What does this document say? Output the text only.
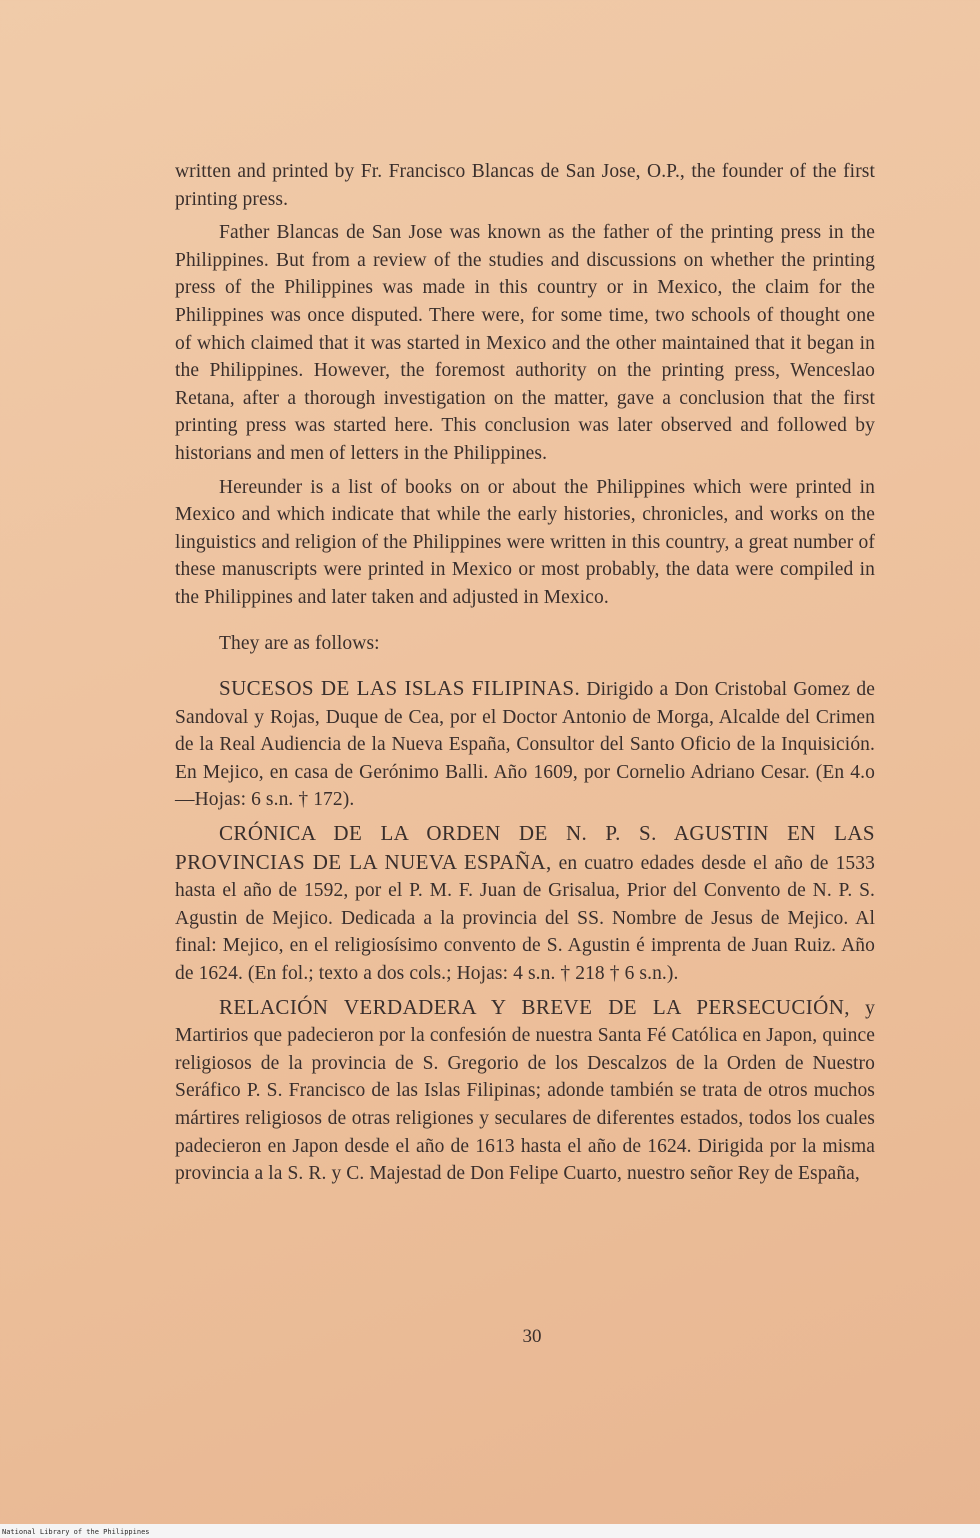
written and printed by Fr. Francisco Blancas de San Jose, O.P., the founder of the first printing press.

Father Blancas de San Jose was known as the father of the printing press in the Philippines. But from a review of the studies and discussions on whether the printing press of the Philippines was made in this country or in Mexico, the claim for the Philippines was once disputed. There were, for some time, two schools of thought one of which claimed that it was started in Mexico and the other maintained that it began in the Philippines. However, the foremost authority on the printing press, Wenceslao Retana, after a thorough investigation on the matter, gave a conclusion that the first printing press was started here. This conclusion was later observed and followed by historians and men of letters in the Philippines.

Hereunder is a list of books on or about the Philippines which were printed in Mexico and which indicate that while the early histories, chronicles, and works on the linguistics and religion of the Philippines were written in this country, a great number of these manuscripts were printed in Mexico or most probably, the data were compiled in the Philippines and later taken and adjusted in Mexico.

They are as follows:

SUCESOS DE LAS ISLAS FILIPINAS. Dirigido a Don Cristobal Gomez de Sandoval y Rojas, Duque de Cea, por el Doctor Antonio de Morga, Alcalde del Crimen de la Real Audiencia de la Nueva España, Consultor del Santo Oficio de la Inquisición. En Mejico, en casa de Gerónimo Balli. Año 1609, por Cornelio Adriano Cesar. (En 4.o—Hojas: 6 s.n. † 172).

CRÓNICA DE LA ORDEN DE N. P. S. AGUSTIN EN LAS PROVINCIAS DE LA NUEVA ESPAÑA, en cuatro edades desde el año de 1533 hasta el año de 1592, por el P. M. F. Juan de Grisalua, Prior del Convento de N. P. S. Agustin de Mejico. Dedicada a la provincia del SS. Nombre de Jesus de Mejico. Al final: Mejico, en el religiosísimo convento de S. Agustin é imprenta de Juan Ruiz. Año de 1624. (En fol.; texto a dos cols.; Hojas: 4 s.n. † 218 † 6 s.n.).

RELACIÓN VERDADERA Y BREVE DE LA PERSECUCIÓN, y Martirios que padecieron por la confesión de nuestra Santa Fé Católica en Japon, quince religiosos de la provincia de S. Gregorio de los Descalzos de la Orden de Nuestro Seráfico P. S. Francisco de las Islas Filipinas; adonde también se trata de otros muchos mártires religiosos de otras religiones y seculares de diferentes estados, todos los cuales padecieron en Japon desde el año de 1613 hasta el año de 1624. Dirigida por la misma provincia a la S. R. y C. Majestad de Don Felipe Cuarto, nuestro señor Rey de España,

30
National Library of the Philippines
